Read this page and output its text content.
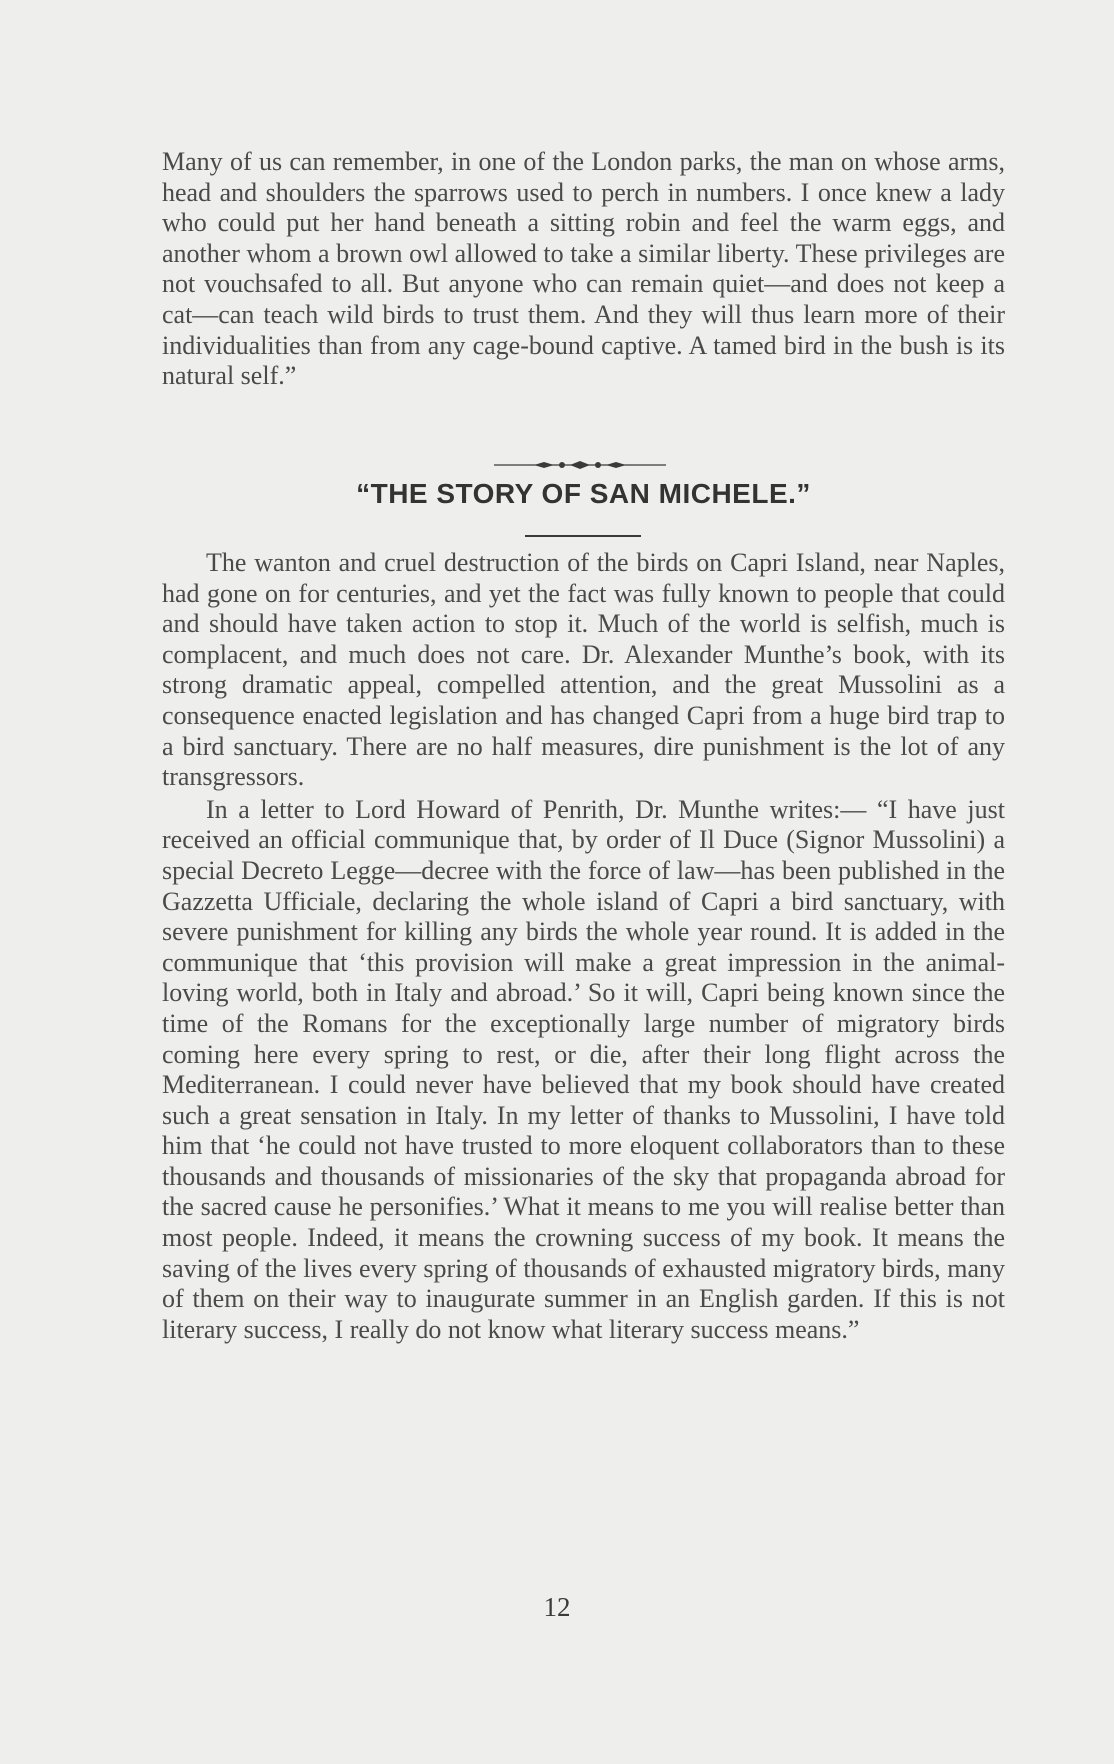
Many of us can remember, in one of the London parks, the man on whose arms, head and shoulders the sparrows used to perch in numbers. I once knew a lady who could put her hand beneath a sitting robin and feel the warm eggs, and another whom a brown owl allowed to take a similar liberty. These privileges are not vouchsafed to all. But anyone who can remain quiet—and does not keep a cat—can teach wild birds to trust them. And they will thus learn more of their individualities than from any cage-bound captive. A tamed bird in the bush is its natural self.”

“THE STORY OF SAN MICHELE.”

The wanton and cruel destruction of the birds on Capri Island, near Naples, had gone on for centuries, and yet the fact was fully known to people that could and should have taken action to stop it. Much of the world is selfish, much is complacent, and much does not care. Dr. Alexander Munthe’s book, with its strong dramatic appeal, compelled attention, and the great Mussolini as a consequence enacted legislation and has changed Capri from a huge bird trap to a bird sanctuary. There are no half measures, dire punishment is the lot of any transgressors.

In a letter to Lord Howard of Penrith, Dr. Munthe writes:— “I have just received an official communique that, by order of Il Duce (Signor Mussolini) a special Decreto Legge—decree with the force of law—has been published in the Gazzetta Ufficiale, declaring the whole island of Capri a bird sanctuary, with severe punishment for killing any birds the whole year round. It is added in the communique that ‘this provision will make a great impression in the animal-loving world, both in Italy and abroad.’ So it will, Capri being known since the time of the Romans for the exceptionally large number of migratory birds coming here every spring to rest, or die, after their long flight across the Mediterranean. I could never have believed that my book should have created such a great sensation in Italy. In my letter of thanks to Mussolini, I have told him that ‘he could not have trusted to more eloquent collaborators than to these thousands and thousands of missionaries of the sky that propaganda abroad for the sacred cause he personifies.’ What it means to me you will realise better than most people. Indeed, it means the crowning success of my book. It means the saving of the lives every spring of thousands of exhausted migratory birds, many of them on their way to inaugurate summer in an English garden. If this is not literary success, I really do not know what literary success means.”

12
